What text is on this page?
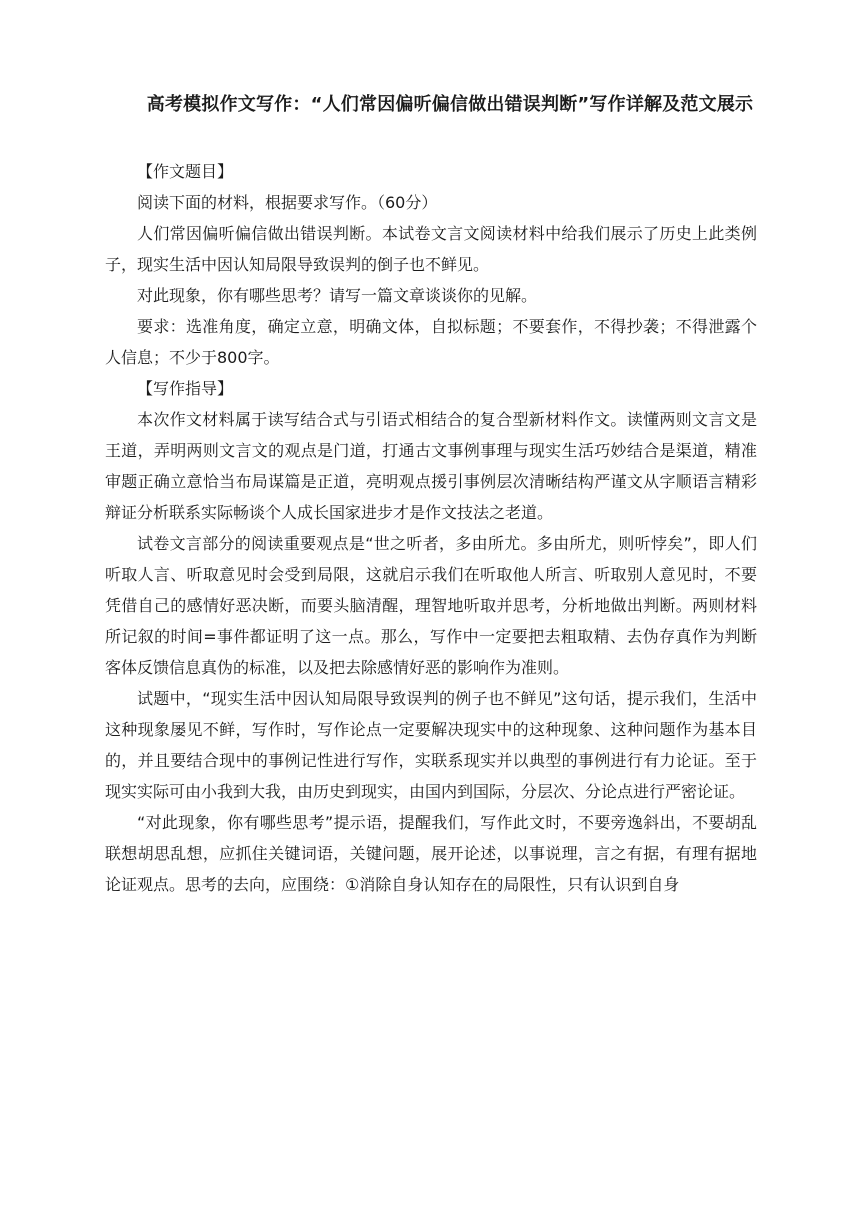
高考模拟作文写作：“人们常因偏听偏信做出错误判断”写作详解及范文展示

【作文题目】

阅读下面的材料，根据要求写作。（60分）

人们常因偏听偏信做出错误判断。本试卷文言文阅读材料中给我们展示了历史上此类例子，现实生活中因认知局限导致误判的倒子也不鲜见。

对此现象，你有哪些思考？请写一篇文章谈谈你的见解。

要求：选准角度，确定立意，明确文体，自拟标题；不要套作，不得抄袭；不得泄露个人信息；不少于800字。

【写作指导】

本次作文材料属于读写结合式与引语式相结合的复合型新材料作文。读懂两则文言文是王道，弄明两则文言文的观点是门道，打通古文事例事理与现实生活巧妙结合是渠道，精准审题正确立意恰当布局谋篇是正道，亮明观点援引事例层次清晰结构严谨文从字顺语言精彩辩证分析联系实际畅谈个人成长国家进步才是作文技法之老道。

试卷文言部分的阅读重要观点是“世之听者，多由所尤。多由所尤，则听悖矣”，即人们听取人言、听取意见时会受到局限，这就启示我们在听取他人所言、听取别人意见时，不要凭借自己的感情好恶决断，而要头脑清醒，理智地听取并思考，分析地做出判断。两则材料所记叙的时间=事件都证明了这一点。那么，写作中一定要把去粗取精、去伪存真作为判断客体反馈信息真伪的标准，以及把去除感情好恶的影响作为准则。

试题中，“现实生活中因认知局限导致误判的例子也不鲜见”这句话，提示我们，生活中这种现象屡见不鲜，写作时，写作论点一定要解决现实中的这种现象、这种问题作为基本目的，并且要结合现中的事例记性进行写作，实联系现实并以典型的事例进行有力论证。至于现实实际可由小我到大我，由历史到现实，由国内到国际，分层次、分论点进行严密论证。

“对此现象，你有哪些思考”提示语，提醒我们，写作此文时，不要旁逸斜出，不要胡乱联想胡思乱想，应抓住关键词语，关键问题，展开论述，以事说理，言之有据，有理有据地论证观点。思考的去向，应围绕：①消除自身认知存在的局限性，只有认识到自身
